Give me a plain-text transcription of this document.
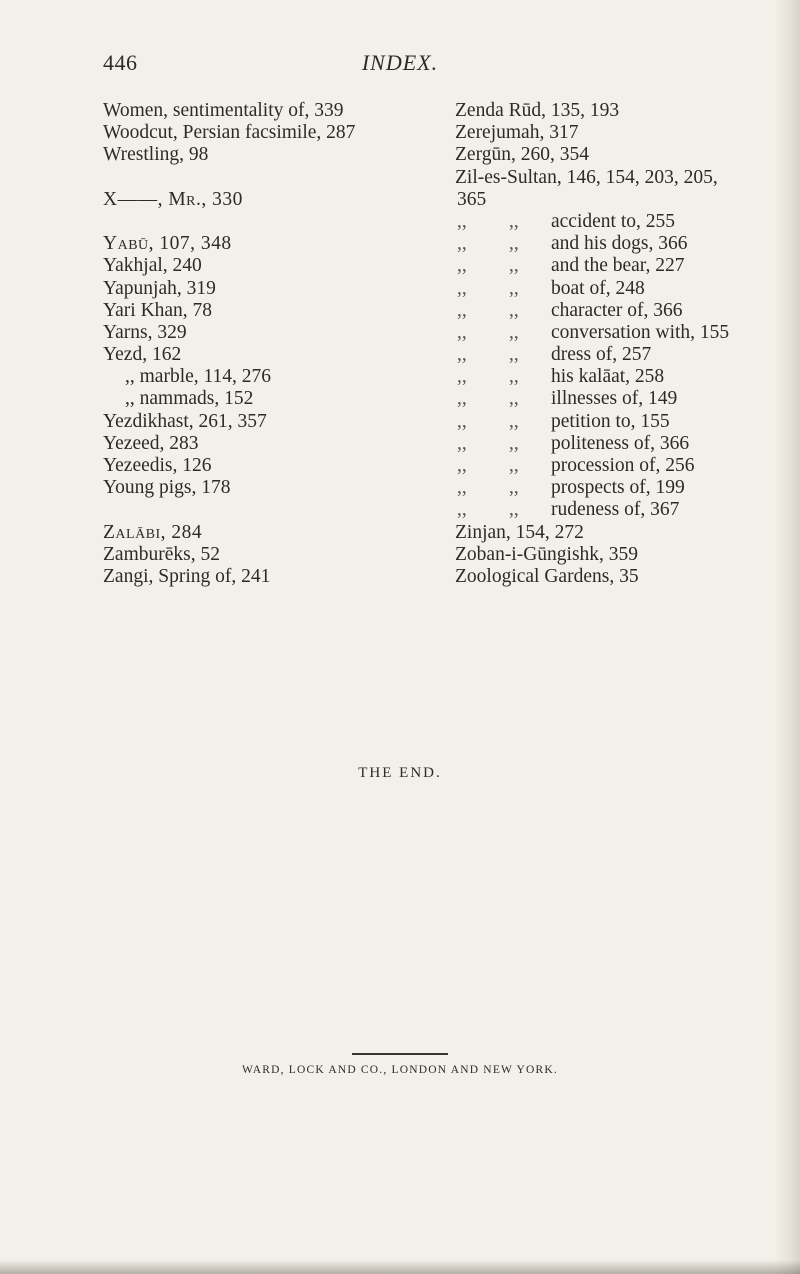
446	INDEX.
Women, sentimentality of, 339
Woodcut, Persian facsimile, 287
Wrestling, 98
X——, Mr., 330
Yabū, 107, 348
Yakhjal, 240
Yapunjah, 319
Yari Khan, 78
Yarns, 329
Yezd, 162
,, marble, 114, 276
,, nammads, 152
Yezdikhast, 261, 357
Yezeed, 283
Yezeedis, 126
Young pigs, 178
Zalābi, 284
Zamburēks, 52
Zangi, Spring of, 241
Zenda Rūd, 135, 193
Zerejumah, 317
Zergūn, 260, 354
Zil-es-Sultan, 146, 154, 203, 205,
365
,, ,, accident to, 255
,, ,, and his dogs, 366
,, ,, and the bear, 227
,, ,, boat of, 248
,, ,, character of, 366
,, ,, conversation with, 155
,, ,, dress of, 257
,, ,, his kalāat, 258
,, ,, illnesses of, 149
,, ,, petition to, 155
,, ,, politeness of, 366
,, ,, procession of, 256
,, ,, prospects of, 199
,, ,, rudeness of, 367
Zinjan, 154, 272
Zoban-i-Gūngishk, 359
Zoological Gardens, 35
THE END.
WARD, LOCK AND CO., LONDON AND NEW YORK.
